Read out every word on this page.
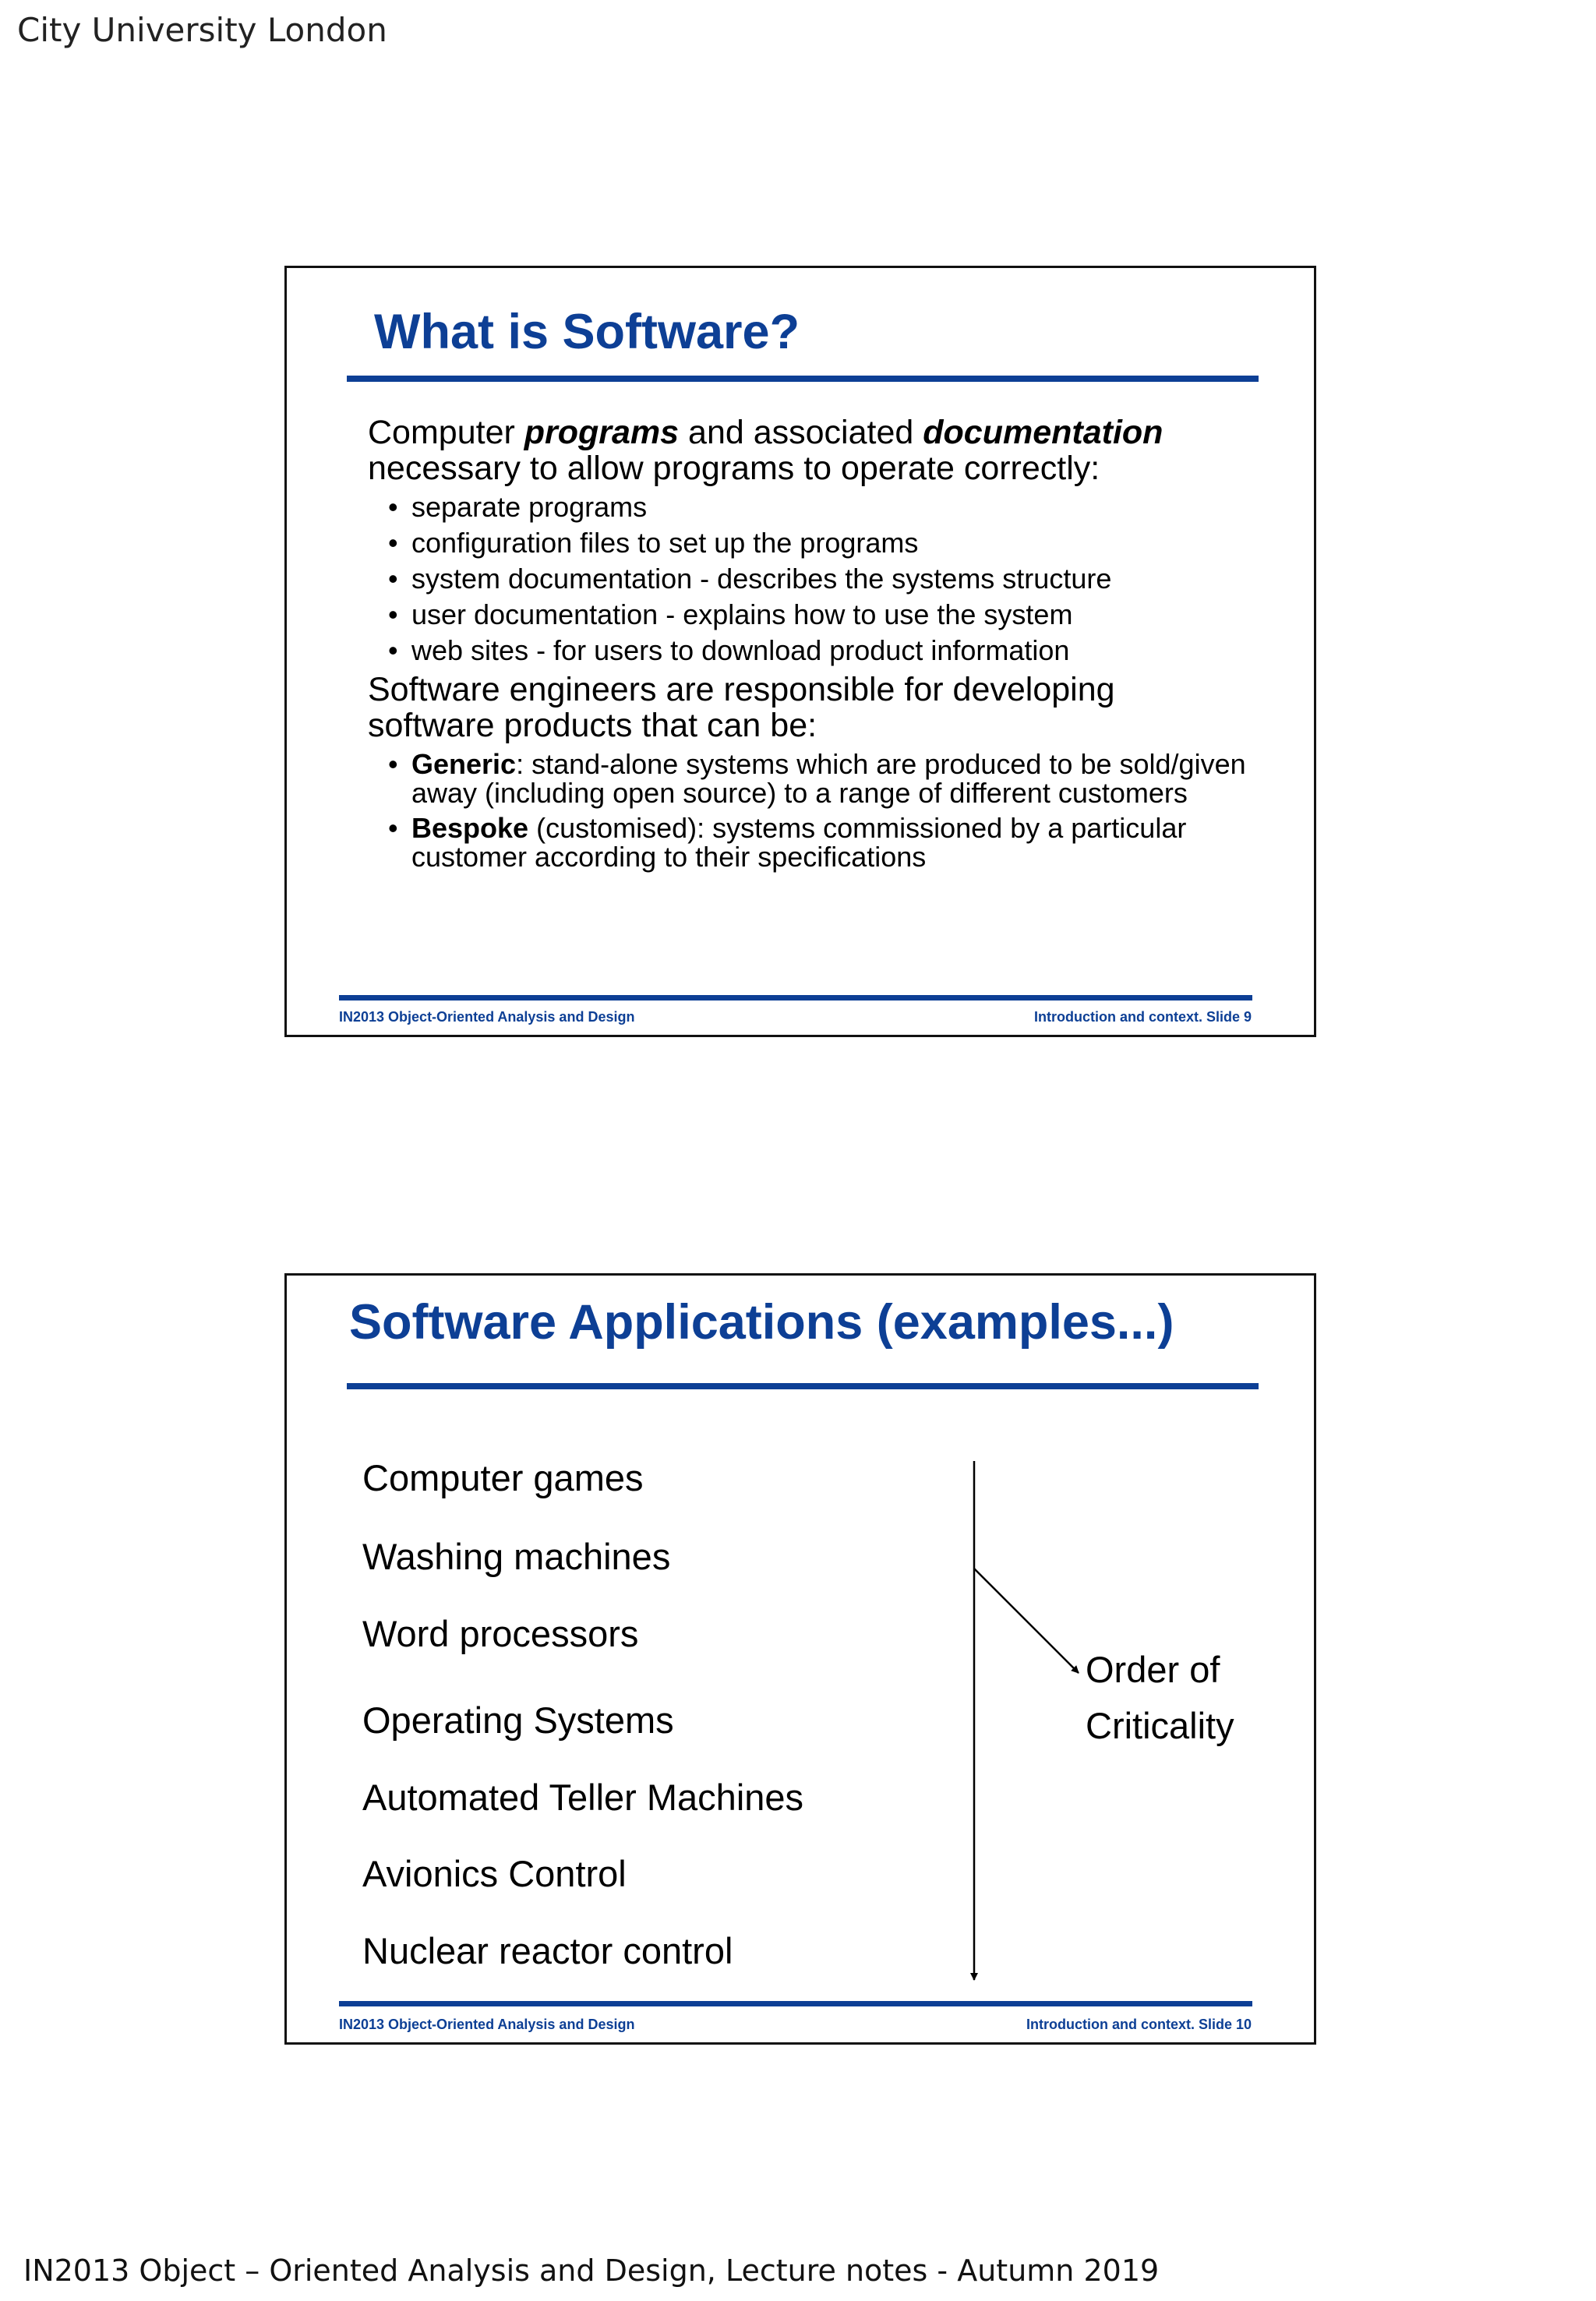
City University London
What is Software?

Computer programs and associated documentation necessary to allow programs to operate correctly:

• separate programs
• configuration files to set up the programs
• system documentation - describes the systems structure
• user documentation - explains how to use the system
• web sites - for users to download product information

Software engineers are responsible for developing software products that can be:

• Generic: stand-alone systems which are produced to be sold/given away (including open source) to a range of different customers
• Bespoke (customised): systems commissioned by a particular customer according to their specifications
IN2013 Object-Oriented Analysis and Design	Introduction and context. Slide 9
Software Applications (examples...)

Computer games

Washing machines

Word processors

Operating Systems

Automated Teller Machines

Avionics Control

Nuclear reactor control

Order of
Criticality
IN2013 Object-Oriented Analysis and Design	Introduction and context. Slide 10
IN2013 Object – Oriented Analysis and Design, Lecture notes - Autumn 2019
